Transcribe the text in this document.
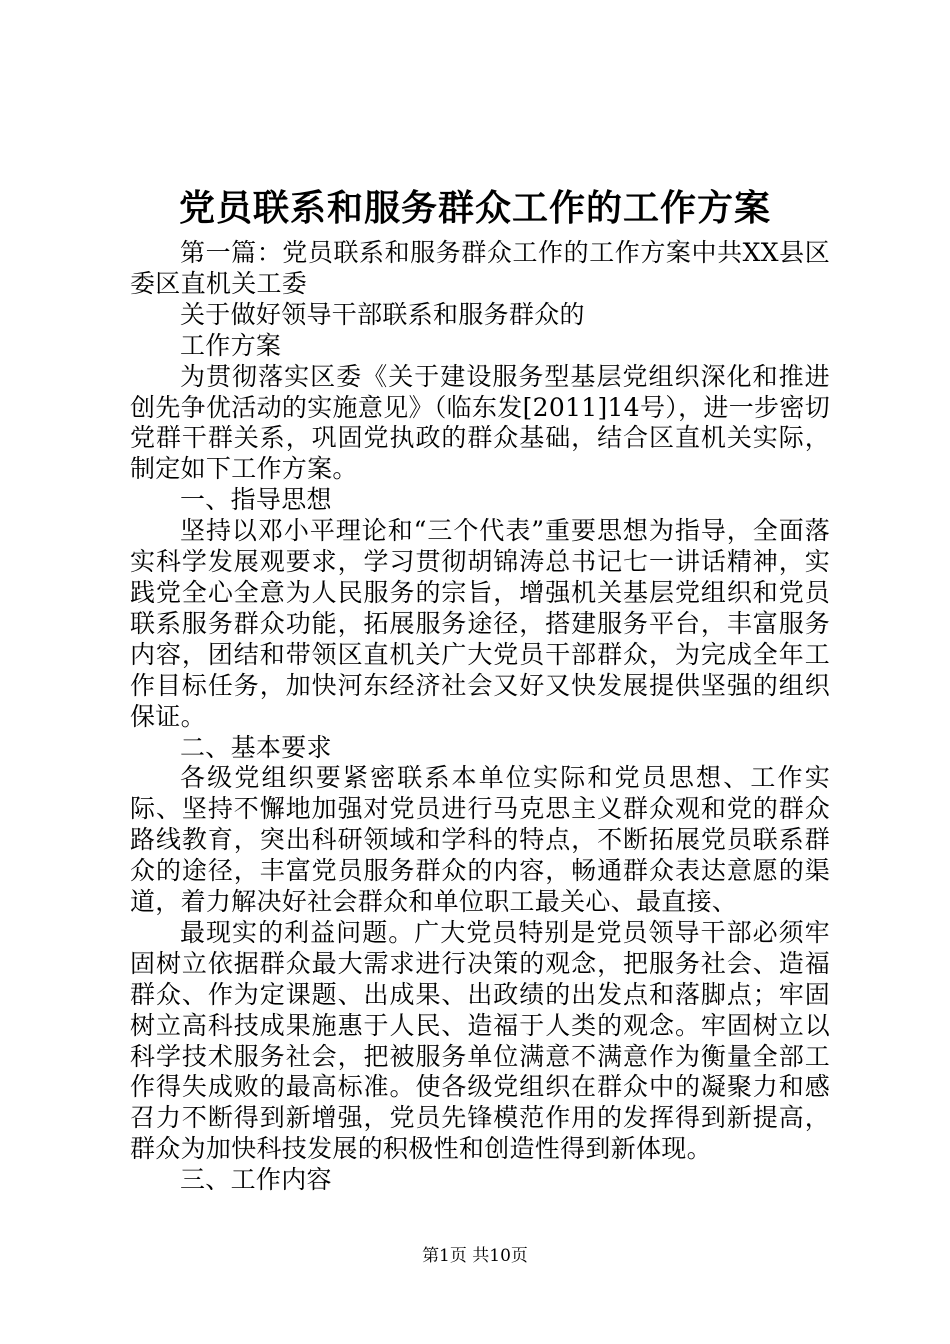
党员联系和服务群众工作的工作方案

第一篇：党员联系和服务群众工作的工作方案中共XX县区委区直机关工委

关于做好领导干部联系和服务群众的

工作方案

为贯彻落实区委《关于建设服务型基层党组织深化和推进创先争优活动的实施意见》（临东发[2011]14号），进一步密切党群干群关系，巩固党执政的群众基础，结合区直机关实际，制定如下工作方案。

一、指导思想

坚持以邓小平理论和“三个代表”重要思想为指导，全面落实科学发展观要求，学习贯彻胡锦涛总书记七一讲话精神，实践党全心全意为人民服务的宗旨，增强机关基层党组织和党员联系服务群众功能，拓展服务途径，搭建服务平台，丰富服务内容，团结和带领区直机关广大党员干部群众，为完成全年工作目标任务，加快河东经济社会又好又快发展提供坚强的组织保证。

二、基本要求

各级党组织要紧密联系本单位实际和党员思想、工作实际、坚持不懈地加强对党员进行马克思主义群众观和党的群众路线教育，突出科研领域和学科的特点，不断拓展党员联系群众的途径，丰富党员服务群众的内容，畅通群众表达意愿的渠道，着力解决好社会群众和单位职工最关心、最直接、

最现实的利益问题。广大党员特别是党员领导干部必须牢固树立依据群众最大需求进行决策的观念，把服务社会、造福群众、作为定课题、出成果、出政绩的出发点和落脚点；牢固树立高科技成果施惠于人民、造福于人类的观念。牢固树立以科学技术服务社会，把被服务单位满意不满意作为衡量全部工作得失成败的最高标准。使各级党组织在群众中的凝聚力和感召力不断得到新增强，党员先锋模范作用的发挥得到新提高，群众为加快科技发展的积极性和创造性得到新体现。

三、工作内容

第1页 共10页
